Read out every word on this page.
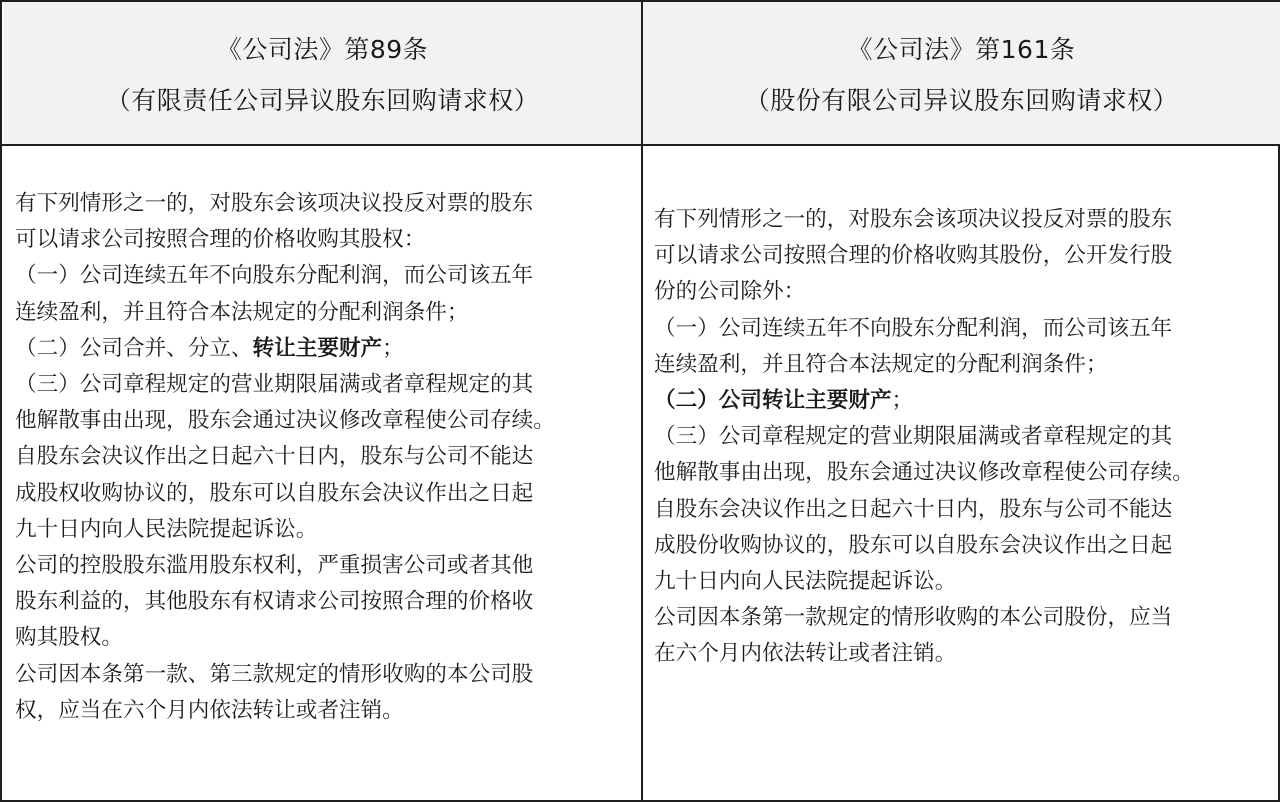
《公司法》第89条
（有限责任公司异议股东回购请求权）
《公司法》第161条
（股份有限公司异议股东回购请求权）
有下列情形之一的，对股东会该项决议投反对票的股东
可以请求公司按照合理的价格收购其股权：
（一）公司连续五年不向股东分配利润，而公司该五年
连续盈利，并且符合本法规定的分配利润条件；
（二）公司合并、分立、转让主要财产；
（三）公司章程规定的营业期限届满或者章程规定的其
他解散事由出现，股东会通过决议修改章程使公司存续。
自股东会决议作出之日起六十日内，股东与公司不能达
成股权收购协议的，股东可以自股东会决议作出之日起
九十日内向人民法院提起诉讼。
公司的控股股东滥用股东权利，严重损害公司或者其他
股东利益的，其他股东有权请求公司按照合理的价格收
购其股权。
公司因本条第一款、第三款规定的情形收购的本公司股
权，应当在六个月内依法转让或者注销。
有下列情形之一的，对股东会该项决议投反对票的股东
可以请求公司按照合理的价格收购其股份，公开发行股
份的公司除外：
（一）公司连续五年不向股东分配利润，而公司该五年
连续盈利，并且符合本法规定的分配利润条件；
（二）公司转让主要财产；
（三）公司章程规定的营业期限届满或者章程规定的其
他解散事由出现，股东会通过决议修改章程使公司存续。
自股东会决议作出之日起六十日内，股东与公司不能达
成股份收购协议的，股东可以自股东会决议作出之日起
九十日内向人民法院提起诉讼。
公司因本条第一款规定的情形收购的本公司股份，应当
在六个月内依法转让或者注销。
